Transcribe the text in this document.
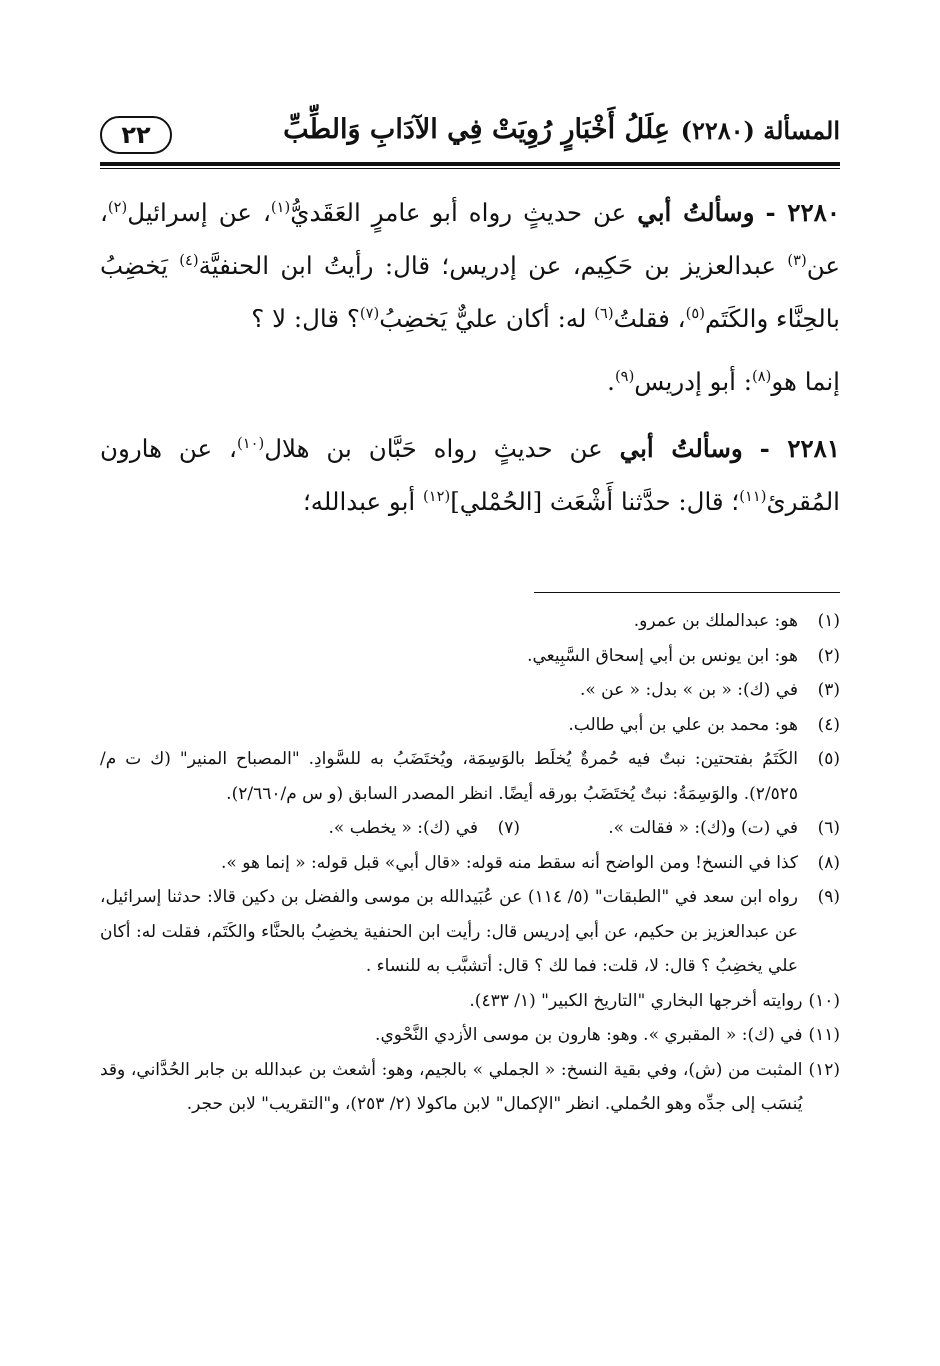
٢٢	عِلَلُ أَخْبَارٍ رُوِيَتْ فِي الآدَابِ وَالطِّبِّ المسألة (٢٢٨٠)

٢٢٨٠ - وسألتُ أبي عن حديثٍ رواه أبو عامرٍ العَقَديُّ$^{(١)}$، عن إسرائيل$^{(٢)}$، عن$^{(٣)}$ عبدالعزيز بن حَكِيم، عن إدريس؛ قال: رأيتُ ابن الحنفيَّة$^{(٤)}$ يَخضِبُ بالحِنَّاء والكَتَم$^{(٥)}$، فقلتُ$^{(٦)}$ له: أكان عليٌّ يَخضِبُ$^{(٧)}$؟ قال: لا ؟

إنما هو$^{(٨)}$: أبو إدريس$^{(٩)}$.

٢٢٨١ - وسألتُ أبي عن حديثٍ رواه حَبَّان بن هلال$^{(١٠)}$، عن هارون المُقرئ$^{(١١)}$؛ قال: حدَّثنا أَشْعَث [الحُمْلي]$^{(١٢)}$ أبو عبدالله؛

(١)
هو: عبدالملك بن عمرو.
(٢)
هو: ابن يونس بن أبي إسحاق السَّبِيعي.
(٣)
في (ك): « بن » بدل: « عن ».
(٤)
هو: محمد بن علي بن أبي طالب.
(٥)
الكَتَمُ بفتحتين: نبتٌ فيه حُمرةٌ يُخلَط بالوَسِمَة، ويُختَضَبُ به للسَّوادِ. "المصباح المنير" (ك ت م/٢/٥٢٥). والوَسِمَةُ: نبتٌ يُختَضَبُ بورقه أيضًا. انظر المصدر السابق (و س م/٢/٦٦٠).
(٦)
في (ت) و(ك): « فقالت ».
(٧)
في (ك): « يخطب ».
(٨)
كذا في النسخ! ومن الواضح أنه سقط منه قوله: «قال أبي» قبل قوله: « إنما هو ».
(٩)
رواه ابن سعد في "الطبقات" (٥/ ١١٤) عن عُبَيدالله بن موسى والفضل بن دكين قالا: حدثنا إسرائيل، عن عبدالعزيز بن حكيم، عن أبي إدريس قال: رأيت ابن الحنفية يخضِبُ بالحنَّاء والكَتَم، فقلت له: أكان علي يخضِبُ ؟ قال: لا، قلت: فما لك ؟ قال: أتشبَّب به للنساء .
(١٠)
روايته أخرجها البخاري "التاريخ الكبير" (١/ ٤٣٣).
(١١)
في (ك): « المقبري ». وهو: هارون بن موسى الأزدي النَّحْوي.
(١٢)
المثبت من (ش)، وفي بقية النسخ: « الجملي » بالجيم، وهو: أشعث بن عبدالله بن جابر الحُدَّاني، وقد يُنسَب إلى جدِّه وهو الحُملي. انظر "الإكمال" لابن ماكولا (٢/ ٢٥٣)، و"التقريب" لابن حجر.
